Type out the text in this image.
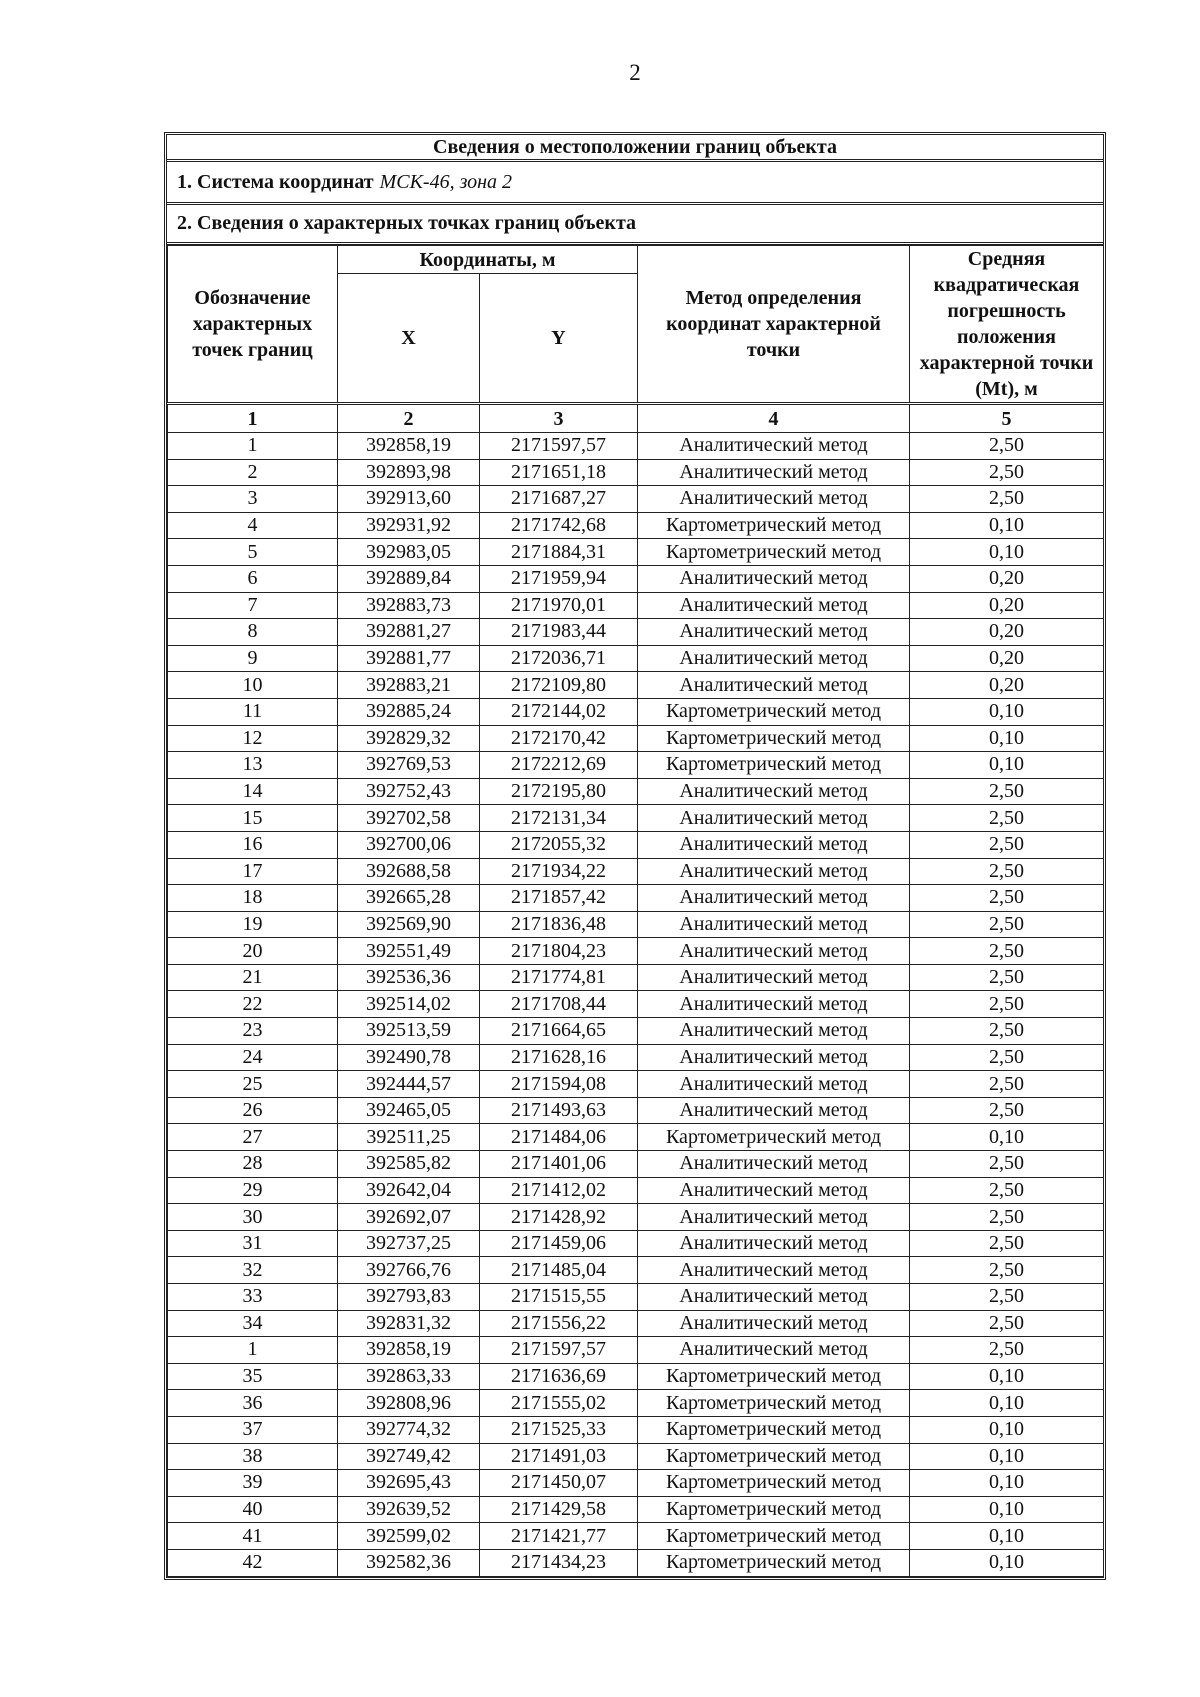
2
Сведения о местоположении границ объекта
1. Система координат МСК-46, зона 2
2. Сведения о характерных точках границ объекта
Обозначение характерных точек границ	Координаты, м		Метод определения координат характерной точки	Средняя квадратическая погрешность положения характерной точки (Mt), м
	X	Y		
1	2	3	4	5
1	392858,19	2171597,57	Аналитический метод	2,50
2	392893,98	2171651,18	Аналитический метод	2,50
3	392913,60	2171687,27	Аналитический метод	2,50
4	392931,92	2171742,68	Картометрический метод	0,10
5	392983,05	2171884,31	Картометрический метод	0,10
6	392889,84	2171959,94	Аналитический метод	0,20
7	392883,73	2171970,01	Аналитический метод	0,20
8	392881,27	2171983,44	Аналитический метод	0,20
9	392881,77	2172036,71	Аналитический метод	0,20
10	392883,21	2172109,80	Аналитический метод	0,20
11	392885,24	2172144,02	Картометрический метод	0,10
12	392829,32	2172170,42	Картометрический метод	0,10
13	392769,53	2172212,69	Картометрический метод	0,10
14	392752,43	2172195,80	Аналитический метод	2,50
15	392702,58	2172131,34	Аналитический метод	2,50
16	392700,06	2172055,32	Аналитический метод	2,50
17	392688,58	2171934,22	Аналитический метод	2,50
18	392665,28	2171857,42	Аналитический метод	2,50
19	392569,90	2171836,48	Аналитический метод	2,50
20	392551,49	2171804,23	Аналитический метод	2,50
21	392536,36	2171774,81	Аналитический метод	2,50
22	392514,02	2171708,44	Аналитический метод	2,50
23	392513,59	2171664,65	Аналитический метод	2,50
24	392490,78	2171628,16	Аналитический метод	2,50
25	392444,57	2171594,08	Аналитический метод	2,50
26	392465,05	2171493,63	Аналитический метод	2,50
27	392511,25	2171484,06	Картометрический метод	0,10
28	392585,82	2171401,06	Аналитический метод	2,50
29	392642,04	2171412,02	Аналитический метод	2,50
30	392692,07	2171428,92	Аналитический метод	2,50
31	392737,25	2171459,06	Аналитический метод	2,50
32	392766,76	2171485,04	Аналитический метод	2,50
33	392793,83	2171515,55	Аналитический метод	2,50
34	392831,32	2171556,22	Аналитический метод	2,50
1	392858,19	2171597,57	Аналитический метод	2,50
35	392863,33	2171636,69	Картометрический метод	0,10
36	392808,96	2171555,02	Картометрический метод	0,10
37	392774,32	2171525,33	Картометрический метод	0,10
38	392749,42	2171491,03	Картометрический метод	0,10
39	392695,43	2171450,07	Картометрический метод	0,10
40	392639,52	2171429,58	Картометрический метод	0,10
41	392599,02	2171421,77	Картометрический метод	0,10
42	392582,36	2171434,23	Картометрический метод	0,10
